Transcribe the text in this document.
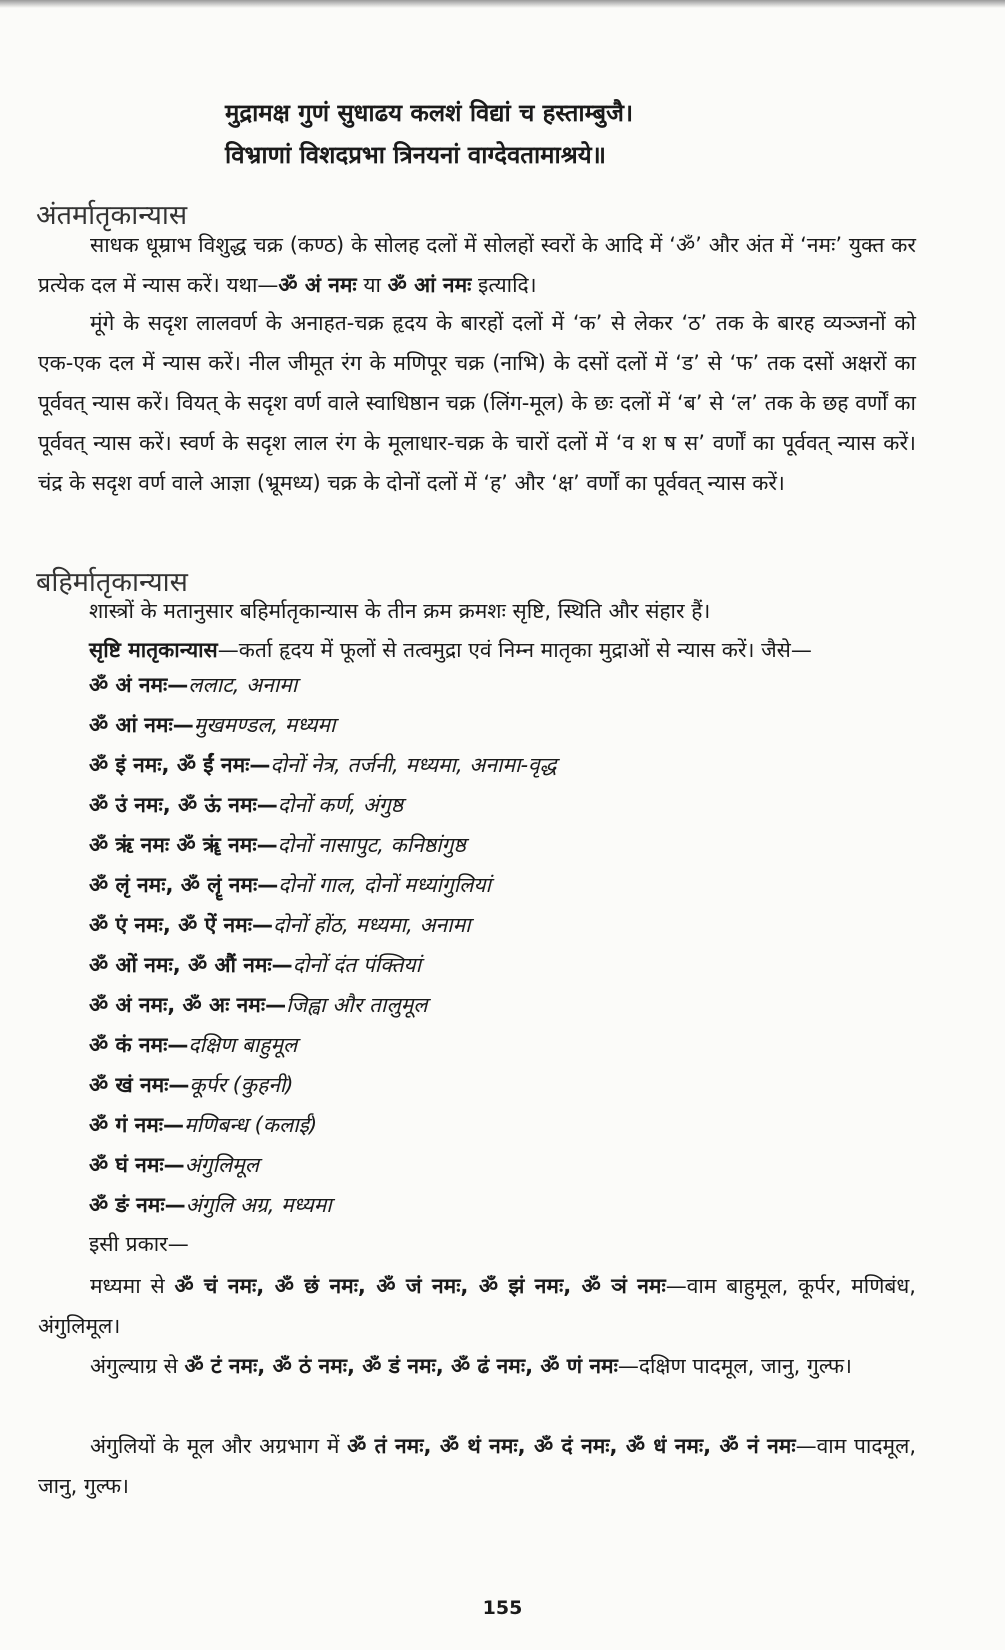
मुद्रामक्ष गुणं सुधाढय कलशं विद्यां च हस्ताम्बुजै।
विभ्राणां विशदप्रभा त्रिनयनां वाग्देवतामाश्रये॥
अंतर्मातृकान्यास
साधक धूम्राभ विशुद्ध चक्र (कण्ठ) के सोलह दलों में सोलहों स्वरों के आदि में ‘ॐ’ और अंत में ‘नमः’ युक्त कर प्रत्येक दल में न्यास करें। यथा—ॐ अं नमः या ॐ आं नमः इत्यादि।
मूंगे के सदृश लालवर्ण के अनाहत-चक्र हृदय के बारहों दलों में ‘क’ से लेकर ‘ठ’ तक के बारह व्यञ्जनों को एक-एक दल में न्यास करें। नील जीमूत रंग के मणिपूर चक्र (नाभि) के दसों दलों में ‘ड’ से ‘फ’ तक दसों अक्षरों का पूर्ववत् न्यास करें। वियत् के सदृश वर्ण वाले स्वाधिष्ठान चक्र (लिंग-मूल) के छः दलों में ‘ब’ से ‘ल’ तक के छह वर्णों का पूर्ववत् न्यास करें। स्वर्ण के सदृश लाल रंग के मूलाधार-चक्र के चारों दलों में ‘व श ष स’ वर्णों का पूर्ववत् न्यास करें। चंद्र के सदृश वर्ण वाले आज्ञा (भ्रूमध्य) चक्र के दोनों दलों में ‘ह’ और ‘क्ष’ वर्णों का पूर्ववत् न्यास करें।
बहिर्मातृकान्यास
शास्त्रों के मतानुसार बहिर्मातृकान्यास के तीन क्रम क्रमशः सृष्टि, स्थिति और संहार हैं।
सृष्टि मातृकान्यास—कर्ता हृदय में फूलों से तत्वमुद्रा एवं निम्न मातृका मुद्राओं से न्यास करें। जैसे—
ॐ अं नमः—ललाट, अनामा
ॐ आं नमः—मुखमण्डल, मध्यमा
ॐ इं नमः, ॐ ईं नमः—दोनों नेत्र, तर्जनी, मध्यमा, अनामा-वृद्ध
ॐ उं नमः, ॐ ऊं नमः—दोनों कर्ण, अंगुष्ठ
ॐ ऋं नमः ॐ ॠं नमः—दोनों नासापुट, कनिष्ठांगुष्ठ
ॐ लृं नमः, ॐ लॄं नमः—दोनों गाल, दोनों मध्यांगुलियां
ॐ एं नमः, ॐ ऐं नमः—दोनों होंठ, मध्यमा, अनामा
ॐ ओं नमः, ॐ औं नमः—दोनों दंत पंक्तियां
ॐ अं नमः, ॐ अः नमः—जिह्वा और तालुमूल
ॐ कं नमः—दक्षिण बाहुमूल
ॐ खं नमः—कूर्पर (कुहनी)
ॐ गं नमः—मणिबन्ध (कलाई)
ॐ घं नमः—अंगुलिमूल
ॐ ङं नमः—अंगुलि अग्र, मध्यमा
इसी प्रकार—
मध्यमा से ॐ चं नमः, ॐ छं नमः, ॐ जं नमः, ॐ झं नमः, ॐ ञं नमः—वाम बाहुमूल, कूर्पर, मणिबंध, अंगुलिमूल।
अंगुल्याग्र से ॐ टं नमः, ॐ ठं नमः, ॐ डं नमः, ॐ ढं नमः, ॐ णं नमः—दक्षिण पादमूल, जानु, गुल्फ।
अंगुलियों के मूल और अग्रभाग में ॐ तं नमः, ॐ थं नमः, ॐ दं नमः, ॐ धं नमः, ॐ नं नमः—वाम पादमूल, जानु, गुल्फ।
155
